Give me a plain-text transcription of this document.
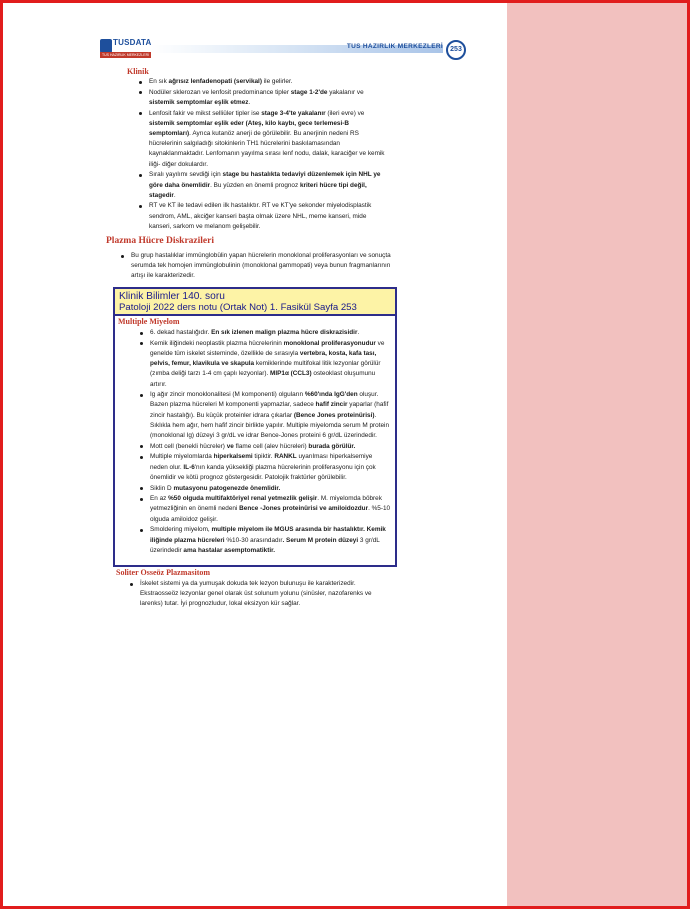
TUSDATA
TUS HAZIRLIK MERKEZLERİ
TUS HAZIRLIK MERKEZLERİ	253
Klinik
En sık ağrısız lenfadenopati (servikal) ile gelirler.
Nodüler sklerozan ve lenfosit predominance tipler stage 1-2'de yakalanır ve sistemik semptomlar eşlik etmez.
Lenfosit fakir ve mikst selliüler tipler ise stage 3-4'te yakalanır (ileri evre) ve sistemik semptomlar eşlik eder (Ateş, kilo kaybı, gece terlemesi-B semptomları). Ayrıca kutanöz anerji de görülebilir. Bu anerjinin nedeni RS hücrelerinin salgıladığı sitokinlerin TH1 hücrelerini baskılamasından kaynaklanmaktadır. Lenfomanın yayılma sırası lenf nodu, dalak, karaciğer ve kemik iliği- diğer dokulardır.
Sıralı yayılımı sevdiği için stage bu hastalıkta tedaviyi düzenlemek için NHL ye göre daha önemlidir. Bu yüzden en önemli prognoz kriteri hücre tipi değil, stagedir.
RT ve KT ile tedavi edilen ilk hastalıktır. RT ve KT'ye sekonder miyelodisplastik sendrom, AML, akciğer kanseri başta olmak üzere NHL, meme kanseri, mide kanseri, sarkom ve melanom gelişebilir.
Plazma Hücre Diskrazileri
Bu grup hastalıklar immünglobülin yapan hücrelerin monoklonal proliferasyonları ve sonuçta serumda tek homojen immünglobulinin (monoklonal gammopati) veya bunun fragmanlarının artışı ile karakterizedir.
Klinik Bilimler 140. soru
Patoloji 2022 ders notu (Ortak Not) 1. Fasikül Sayfa 253
Multiple Miyelom
6. dekad hastalığıdır. En sık izlenen malign plazma hücre diskrazisidir.
Kemik iliğindeki neoplastik plazma hücrelerinin monoklonal proliferasyonudur ve genelde tüm iskelet sisteminde, özellikle de sırasıyla vertebra, kosta, kafa tası, pelvis, femur, klavikula ve skapula kemiklerinde multifokal litik lezyonlar görülür (zımba deliği tarzı 1-4 cm çaplı lezyonlar). MIP1α (CCL3) osteoklast oluşumunu artırır.
Ig ağır zincir monoklonalitesi (M komponenti) olguların %60'ında IgG'den oluşur. Bazen plazma hücreleri M komponenti yapmazlar, sadece hafif zincir yaparlar (hafif zincir hastalığı). Bu küçük proteinler idrara çıkarlar (Bence Jones proteinürisi). Sıklıkla hem ağır, hem hafif zincir birlikte yapılır. Multiple miyelomda serum M protein (monoklonal Ig) düzeyi 3 gr/dL ve idrar Bence-Jones proteini 6 gr/dL üzerindedir.
Mott cell (benekli hücreler) ve flame cell (alev hücreleri) burada görülür.
Multiple miyelomlarda hiperkalsemi tipiktir. RANKL uyarılması hiperkalsemiye neden olur. IL-6'nın kanda yüksekliği plazma hücrelerinin proliferasyonu için çok önemlidir ve kötü prognoz göstergesidir. Patolojik fraktürler görülebilir.
Siklin D mutasyonu patogenezde önemlidir.
En az %50 olguda multifaktöriyel renal yetmezlik gelişir. M. miyelomda böbrek yetmezliğinin en önemli nedeni Bence -Jones proteinürisi ve amiloidozdur. %5-10 olguda amiloidoz gelişir.
Smoldering miyelom, multiple miyelom ile MGUS arasında bir hastalıktır. Kemik iliğinde plazma hücreleri %10-30 arasındadır. Serum M protein düzeyi 3 gr/dL üzerindedir ama hastalar asemptomatiktir.
Soliter Osseöz Plazmasitom
İskelet sistemi ya da yumuşak dokuda tek lezyon bulunuşu ile karakterizedir. Ekstraosseöz lezyonlar genel olarak üst solunum yolunu (sinüsler, nazofarenks ve larenks) tutar. İyi prognozludur, lokal eksizyon kür sağlar.
